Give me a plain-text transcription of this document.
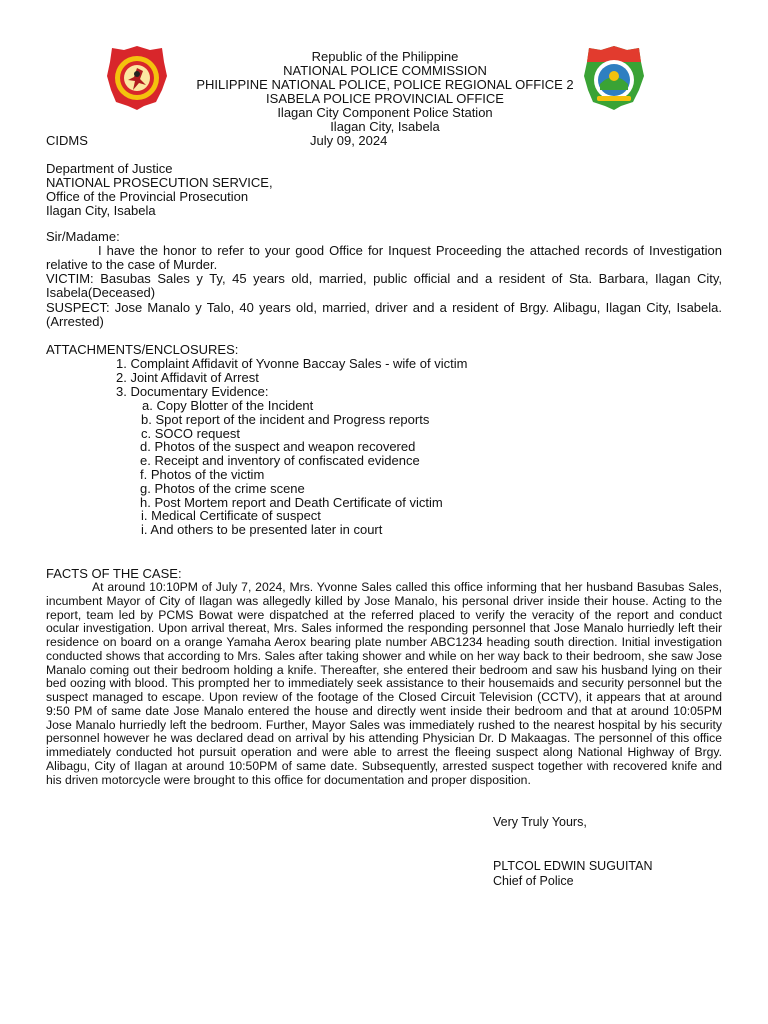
Republic of the Philippine
NATIONAL POLICE COMMISSION
PHILIPPINE NATIONAL POLICE, POLICE REGIONAL OFFICE 2
ISABELA POLICE PROVINCIAL OFFICE
Ilagan City Component Police Station
Ilagan City, Isabela
CIDMS	July 09, 2024
Department of Justice
NATIONAL PROSECUTION SERVICE,
Office of the Provincial Prosecution
Ilagan City, Isabela
Sir/Madame:
I have the honor to refer to your good Office for Inquest Proceeding the attached records of Investigation relative to the case of Murder.
VICTIM: Basubas Sales y Ty, 45 years old, married, public official and a resident of Sta. Barbara, Ilagan City, Isabela(Deceased)
SUSPECT: Jose Manalo y Talo, 40 years old, married, driver and a resident of Brgy. Alibagu, Ilagan City, Isabela. (Arrested)
ATTACHMENTS/ENCLOSURES:
1. Complaint Affidavit of Yvonne Baccay Sales - wife of victim
2. Joint Affidavit of Arrest
3. Documentary Evidence:
a. Copy Blotter of the Incident
b. Spot report of the incident and Progress reports
c. SOCO request
d. Photos of the suspect and weapon recovered
e. Receipt and inventory of confiscated evidence
f. Photos of the victim
g. Photos of the crime scene
h. Post Mortem report and Death Certificate of victim
i. Medical Certificate of suspect
i. And others to be presented later in court
FACTS OF THE CASE:
At around 10:10PM of July 7, 2024, Mrs. Yvonne Sales called this office informing that her husband Basubas Sales, incumbent Mayor of City of Ilagan was allegedly killed by Jose Manalo, his personal driver inside their house. Acting to the report, team led by PCMS Bowat were dispatched at the referred placed to verify the veracity of the report and conduct ocular investigation. Upon arrival thereat, Mrs. Sales informed the responding personnel that Jose Manalo hurriedly left their residence on board on a orange Yamaha Aerox bearing plate number ABC1234 heading south direction. Initial investigation conducted shows that according to Mrs. Sales after taking shower and while on her way back to their bedroom, she saw Jose Manalo coming out their bedroom holding a knife. Thereafter, she entered their bedroom and saw his husband lying on their bed oozing with blood. This prompted her to immediately seek assistance to their housemaids and security personnel but the suspect managed to escape. Upon review of the footage of the Closed Circuit Television (CCTV), it appears that at around 9:50 PM of same date Jose Manalo entered the house and directly went inside their bedroom and that at around 10:05PM Jose Manalo hurriedly left the bedroom. Further, Mayor Sales was immediately rushed to the nearest hospital by his security personnel however he was declared dead on arrival by his attending Physician Dr. D Makaagas. The personnel of this office immediately conducted hot pursuit operation and were able to arrest the fleeing suspect along National Highway of Brgy. Alibagu, City of Ilagan at around 10:50PM of same date. Subsequently, arrested suspect together with recovered knife and his driven motorcycle were brought to this office for documentation and proper disposition.
Very Truly Yours,
PLTCOL EDWIN SUGUITAN
Chief of Police
